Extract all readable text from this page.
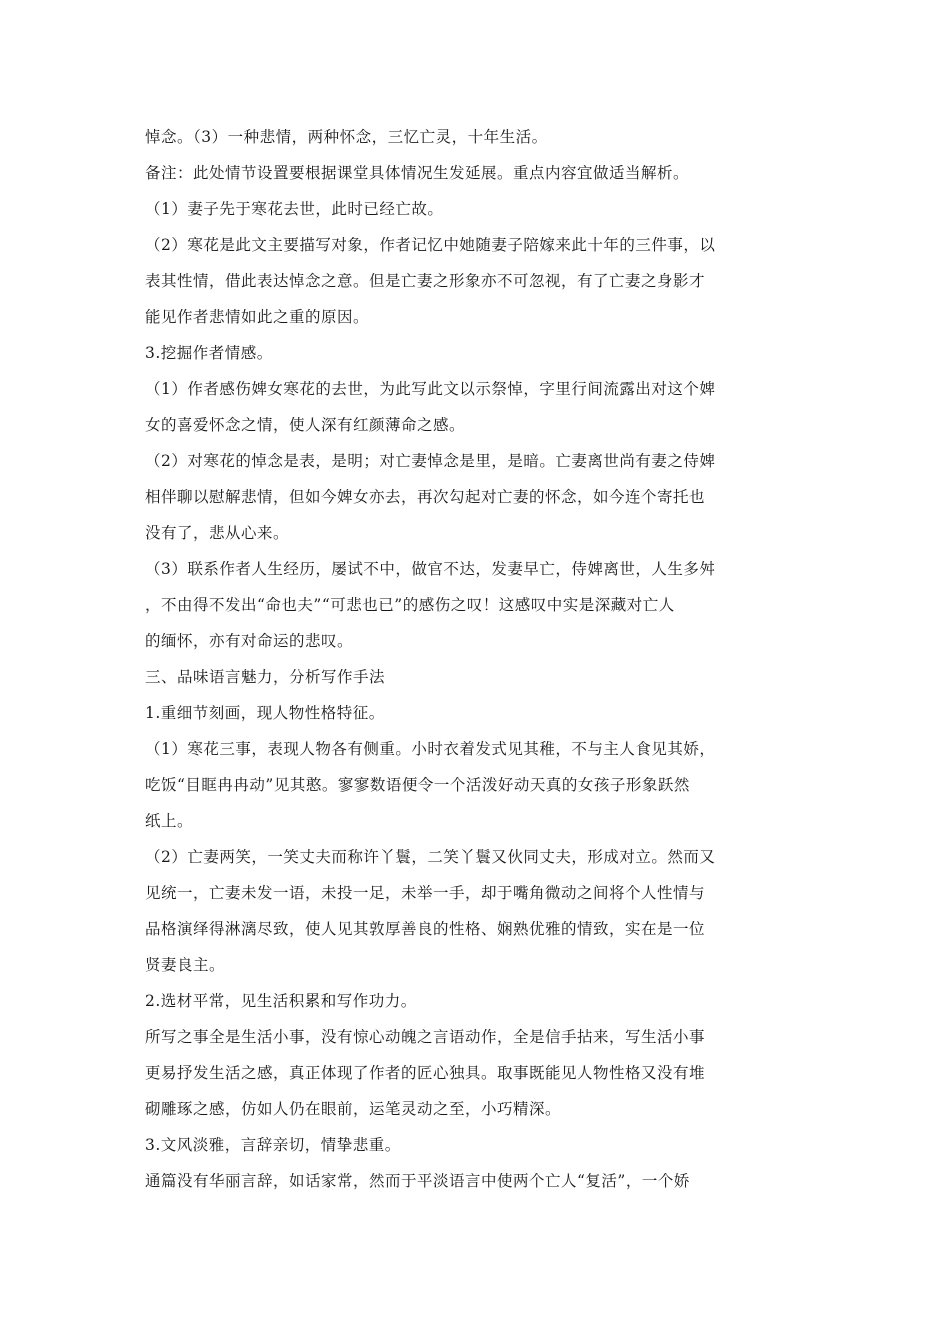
悼念。（3）一种悲情，两种怀念，三忆亡灵，十年生活。

备注：此处情节设置要根据课堂具体情况生发延展。重点内容宜做适当解析。

（1）妻子先于寒花去世，此时已经亡故。

（2）寒花是此文主要描写对象，作者记忆中她随妻子陪嫁来此十年的三件事，以

表其性情，借此表达悼念之意。但是亡妻之形象亦不可忽视，有了亡妻之身影才

能见作者悲情如此之重的原因。

3.挖掘作者情感。

（1）作者感伤婢女寒花的去世，为此写此文以示祭悼，字里行间流露出对这个婢

女的喜爱怀念之情，使人深有红颜薄命之感。

（2）对寒花的悼念是表，是明；对亡妻悼念是里，是暗。亡妻离世尚有妻之侍婢

相伴聊以慰解悲情，但如今婢女亦去，再次勾起对亡妻的怀念，如今连个寄托也

没有了，悲从心来。

（3）联系作者人生经历，屡试不中，做官不达，发妻早亡，侍婢离世，人生多舛

，不由得不发出“命也夫”“可悲也已”的感伤之叹！这感叹中实是深藏对亡人

的缅怀，亦有对命运的悲叹。

三、品味语言魅力，分析写作手法

1.重细节刻画，现人物性格特征。

（1）寒花三事，表现人物各有侧重。小时衣着发式见其稚，不与主人食见其娇，

吃饭“目眶冉冉动”见其憨。寥寥数语便令一个活泼好动天真的女孩子形象跃然

纸上。

（2）亡妻两笑，一笑丈夫而称许丫鬟，二笑丫鬟又伙同丈夫，形成对立。然而又

见统一，亡妻未发一语，未投一足，未举一手，却于嘴角微动之间将个人性情与

品格演绎得淋漓尽致，使人见其敦厚善良的性格、娴熟优雅的情致，实在是一位

贤妻良主。

2.选材平常，见生活积累和写作功力。

所写之事全是生活小事，没有惊心动魄之言语动作，全是信手拈来，写生活小事

更易抒发生活之感，真正体现了作者的匠心独具。取事既能见人物性格又没有堆

砌雕琢之感，仿如人仍在眼前，运笔灵动之至，小巧精深。

3.文风淡雅，言辞亲切，情挚悲重。

通篇没有华丽言辞，如话家常，然而于平淡语言中使两个亡人“复活”，一个娇
